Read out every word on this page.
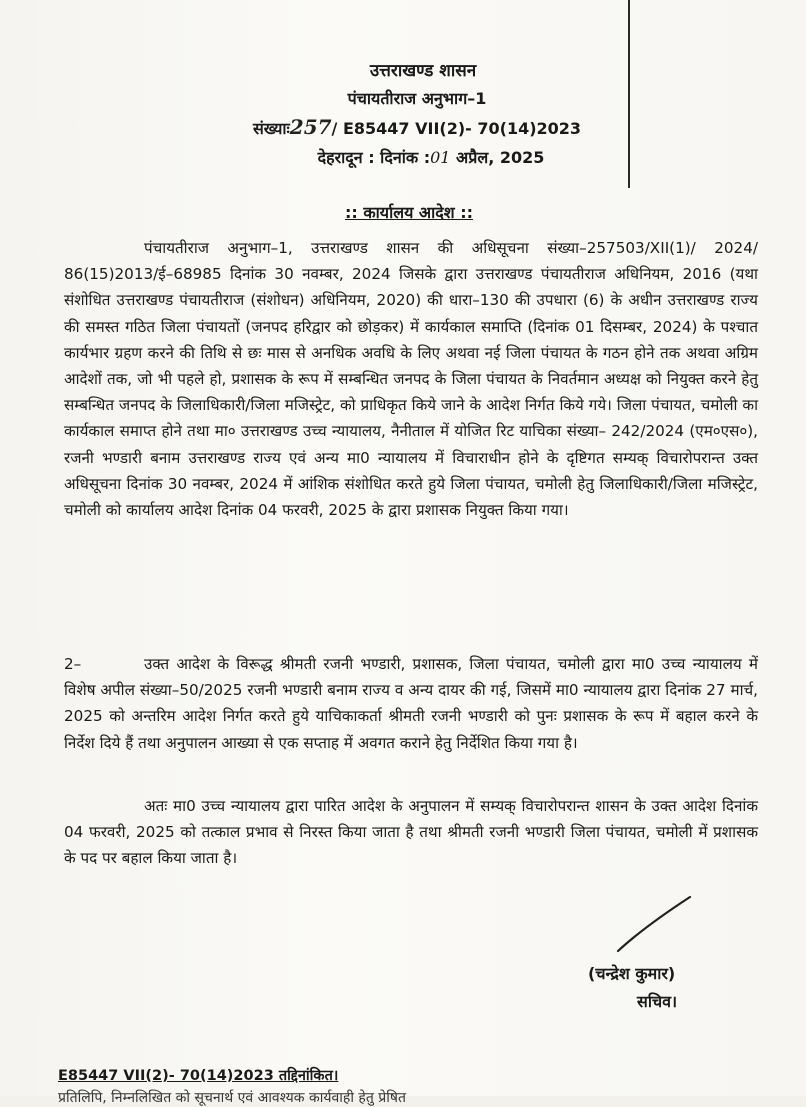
उत्तराखण्ड शासन
पंचायतीराज अनुभाग–1
संख्याः257/ E85447 VII(2)- 70(14)2023
देहरादून : दिनांक :01 अप्रैल, 2025
:: कार्यालय आदेश ::

पंचायतीराज अनुभाग–1, उत्तराखण्ड शासन की अधिसूचना संख्या–257503/XII(1)/ 2024/ 86(15)2013/ई–68985 दिनांक 30 नवम्बर, 2024 जिसके द्वारा उत्तराखण्ड पंचायतीराज अधिनियम, 2016 (यथा संशोधित उत्तराखण्ड पंचायतीराज (संशोधन) अधिनियम, 2020) की धारा–130 की उपधारा (6) के अधीन उत्तराखण्ड राज्य की समस्त गठित जिला पंचायतों (जनपद हरिद्वार को छोड़कर) में कार्यकाल समाप्ति (दिनांक 01 दिसम्बर, 2024) के पश्चात कार्यभार ग्रहण करने की तिथि से छः मास से अनधिक अवधि के लिए अथवा नई जिला पंचायत के गठन होने तक अथवा अग्रिम आदेशों तक, जो भी पहले हो, प्रशासक के रूप में सम्बन्धित जनपद के जिला पंचायत के निवर्तमान अध्यक्ष को नियुक्त करने हेतु सम्बन्धित जनपद के जिलाधिकारी/जिला मजिस्ट्रेट, को प्राधिकृत किये जाने के आदेश निर्गत किये गये। जिला पंचायत, चमोली का कार्यकाल समाप्त होने तथा मा० उत्तराखण्ड उच्च न्यायालय, नैनीताल में योजित रिट याचिका संख्या– 242/2024 (एम०एस०), रजनी भण्डारी बनाम उत्तराखण्ड राज्य एवं अन्य मा0 न्यायालय में विचाराधीन होने के दृष्टिगत सम्यक् विचारोपरान्त उक्त अधिसूचना दिनांक 30 नवम्बर, 2024 में आंशिक संशोधित करते हुये जिला पंचायत, चमोली हेतु जिलाधिकारी/जिला मजिस्ट्रेट, चमोली को कार्यालय आदेश दिनांक 04 फरवरी, 2025 के द्वारा प्रशासक नियुक्त किया गया।

2–	उक्त आदेश के विरूद्ध श्रीमती रजनी भण्डारी, प्रशासक, जिला पंचायत, चमोली द्वारा मा0 उच्च न्यायालय में विशेष अपील संख्या–50/2025 रजनी भण्डारी बनाम राज्य व अन्य दायर की गई, जिसमें मा0 न्यायालय द्वारा दिनांक 27 मार्च, 2025 को अन्तरिम आदेश निर्गत करते हुये याचिकाकर्ता श्रीमती रजनी भण्डारी को पुनः प्रशासक के रूप में बहाल करने के निर्देश दिये हैं तथा अनुपालन आख्या से एक सप्ताह में अवगत कराने हेतु निर्देशित किया गया है।

अतः मा0 उच्च न्यायालय द्वारा पारित आदेश के अनुपालन में सम्यक् विचारोपरान्त शासन के उक्त आदेश दिनांक 04 फरवरी, 2025 को तत्काल प्रभाव से निरस्त किया जाता है तथा श्रीमती रजनी भण्डारी जिला पंचायत, चमोली में प्रशासक के पद पर बहाल किया जाता है।

(चन्द्रेश कुमार)
सचिव।
E85447 VII(2)- 70(14)2023 तद्दिनांकित।
प्रतिलिपि, निम्नलिखित को सूचनार्थ एवं आवश्यक कार्यवाही हेतु प्रेषित
